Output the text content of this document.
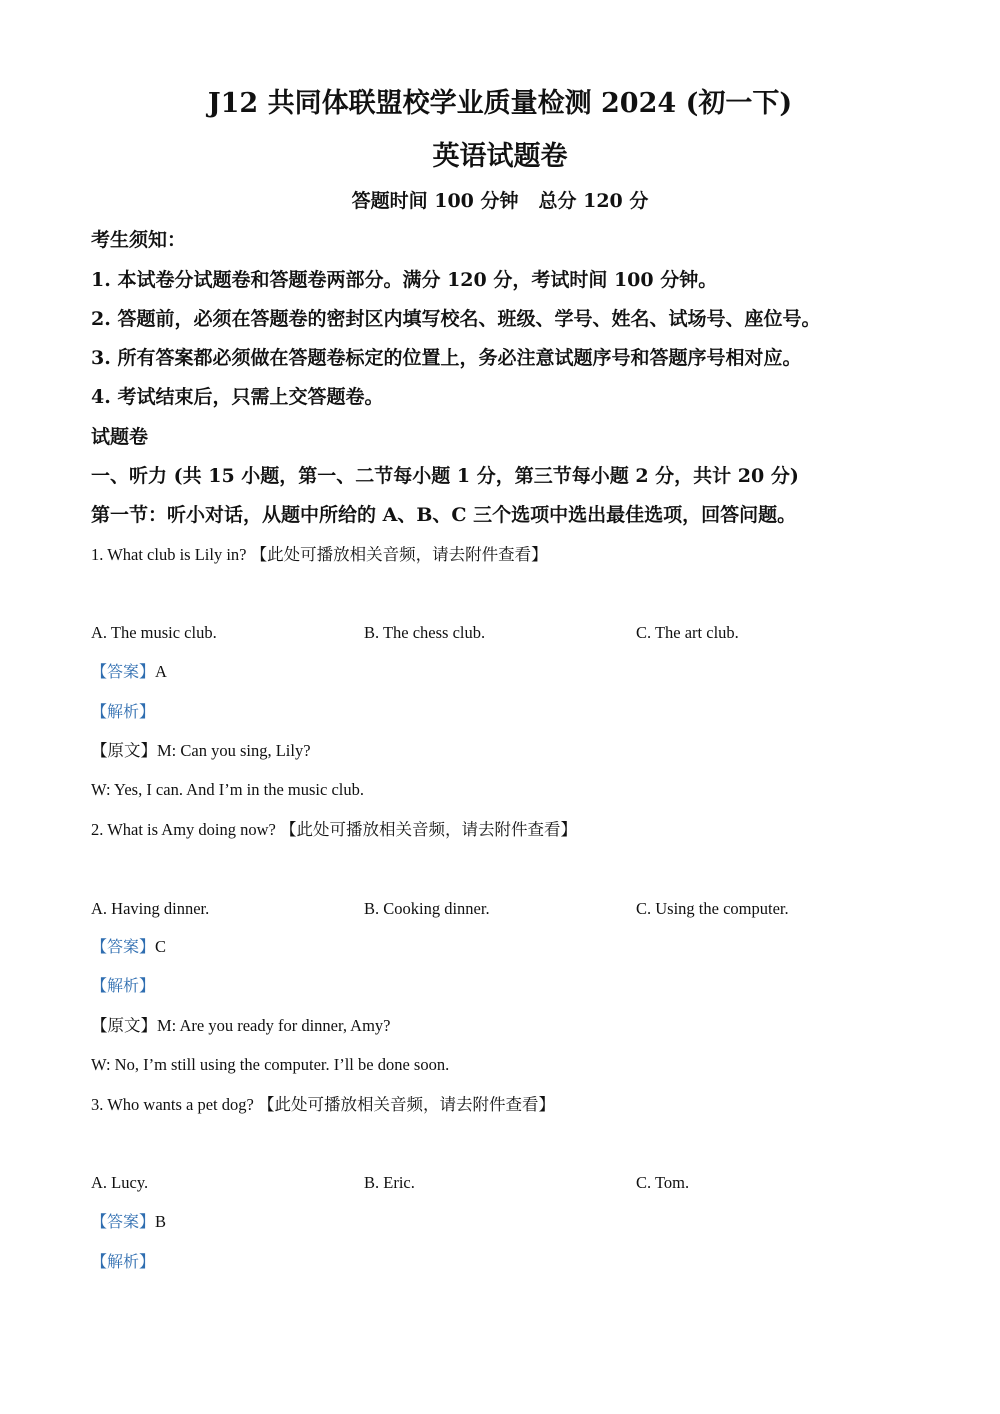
J12 共同体联盟校学业质量检测 2024 (初一下)
英语试题卷
答题时间 100 分钟 总分 120 分
考生须知：
1. 本试卷分试题卷和答题卷两部分。满分 120 分，考试时间 100 分钟。
2. 答题前，必须在答题卷的密封区内填写校名、班级、学号、姓名、试场号、座位号。
3. 所有答案都必须做在答题卷标定的位置上，务必注意试题序号和答题序号相对应。
4. 考试结束后，只需上交答题卷。
试题卷
一、听力 (共 15 小题，第一、二节每小题 1 分，第三节每小题 2 分，共计 20 分)
第一节：听小对话，从题中所给的 A、B、C 三个选项中选出最佳选项，回答问题。
1. What club is Lily in? 【此处可播放相关音频，请去附件查看】
A. The music club.	B. The chess club.	C. The art club.
【答案】A
【解析】
【原文】M: Can you sing, Lily?
W: Yes, I can. And I’m in the music club.
2. What is Amy doing now? 【此处可播放相关音频，请去附件查看】
A. Having dinner.	B. Cooking dinner.	C. Using the computer.
【答案】C
【解析】
【原文】M: Are you ready for dinner, Amy?
W: No, I’m still using the computer. I’ll be done soon.
3. Who wants a pet dog? 【此处可播放相关音频，请去附件查看】
A. Lucy.	B. Eric.	C. Tom.
【答案】B
【解析】
